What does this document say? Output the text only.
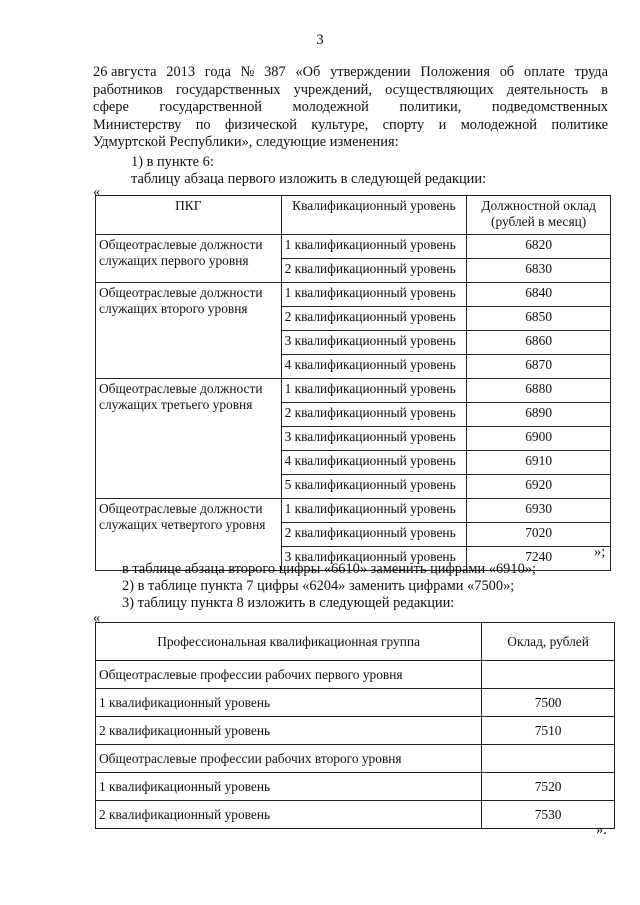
3
26 августа 2013 года № 387 «Об утверждении Положения об оплате труда
работников государственных учреждений, осуществляющих деятельность в
сфере государственной молодежной политики, подведомственных
Министерству по физической культуре, спорту и молодежной политике
Удмуртской Республики», следующие изменения:
1) в пункте 6:
таблицу абзаца первого изложить в следующей редакции:
«
ПКГ	Квалификационный уровень	Должностной оклад (рублей в месяц)
Общеотраслевые должности служащих первого уровня	1 квалификационный уровень	6820
	2 квалификационный уровень	6830
Общеотраслевые должности служащих второго уровня	1 квалификационный уровень	6840
	2 квалификационный уровень	6850
	3 квалификационный уровень	6860
	4 квалификационный уровень	6870
Общеотраслевые должности служащих третьего уровня	1 квалификационный уровень	6880
	2 квалификационный уровень	6890
	3 квалификационный уровень	6900
	4 квалификационный уровень	6910
	5 квалификационный уровень	6920
Общеотраслевые должности служащих четвертого уровня	1 квалификационный уровень	6930
	2 квалификационный уровень	7020
	3 квалификационный уровень	7240	»;
в таблице абзаца второго цифры «6610» заменить цифрами «6910»;
2) в таблице пункта 7 цифры «6204» заменить цифрами «7500»;
3) таблицу пункта 8 изложить в следующей редакции:
«
Профессиональная квалификационная группа	Оклад, рублей
Общеотраслевые профессии рабочих первого уровня	
1 квалификационный уровень	7500
2 квалификационный уровень	7510
Общеотраслевые профессии рабочих второго уровня	
1 квалификационный уровень	7520
2 квалификационный уровень	7530
».
